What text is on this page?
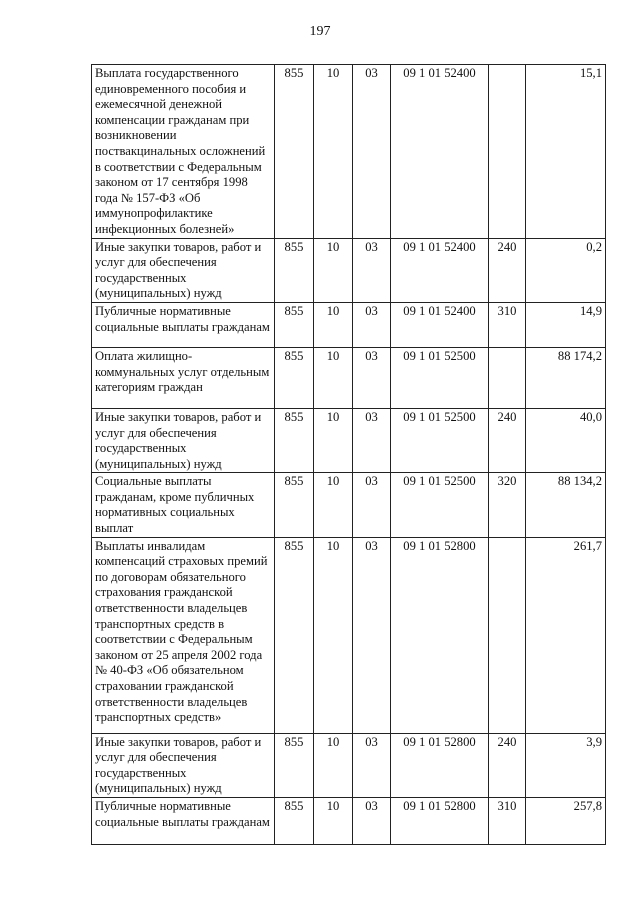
197
Выплата государственного единовременного пособия и ежемесячной денежной компенсации гражданам при возникновении поствакцинальных осложнений в соответствии с Федеральным законом от 17 сентября 1998 года № 157-ФЗ «Об иммунопрофилактике инфекционных болезней»	855	10	03	09 1 01 52400		15,1
Иные закупки товаров, работ и услуг для обеспечения государственных (муниципальных) нужд	855	10	03	09 1 01 52400	240	0,2
Публичные нормативные социальные выплаты гражданам	855	10	03	09 1 01 52400	310	14,9
Оплата жилищно-коммунальных услуг отдельным категориям граждан	855	10	03	09 1 01 52500		88 174,2
Иные закупки товаров, работ и услуг для обеспечения государственных (муниципальных) нужд	855	10	03	09 1 01 52500	240	40,0
Социальные выплаты гражданам, кроме публичных нормативных социальных выплат	855	10	03	09 1 01 52500	320	88 134,2
Выплаты инвалидам компенсаций страховых премий по договорам обязательного страхования гражданской ответственности владельцев транспортных средств в соответствии с Федеральным законом от 25 апреля 2002 года № 40-ФЗ «Об обязательном страховании гражданской ответственности владельцев транспортных средств»	855	10	03	09 1 01 52800		261,7
Иные закупки товаров, работ и услуг для обеспечения государственных (муниципальных) нужд	855	10	03	09 1 01 52800	240	3,9
Публичные нормативные социальные выплаты гражданам	855	10	03	09 1 01 52800	310	257,8
